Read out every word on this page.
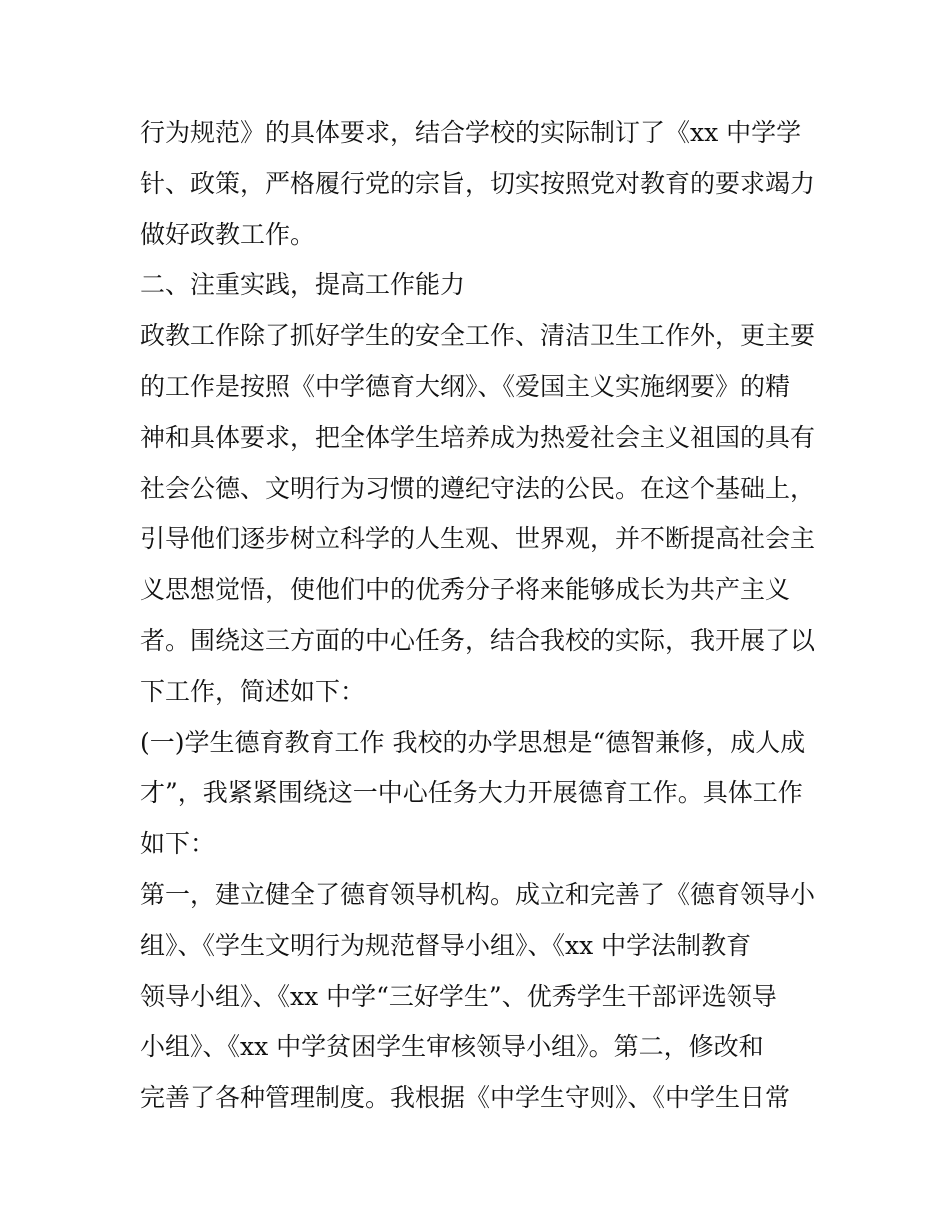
行为规范》的具体要求，结合学校的实际制订了《xx 中学学
针、政策，严格履行党的宗旨，切实按照党对教育的要求竭力
做好政教工作。
二、注重实践，提高工作能力
政教工作除了抓好学生的安全工作、清洁卫生工作外，更主要
的工作是按照《中学德育大纲》、《爱国主义实施纲要》的精
神和具体要求，把全体学生培养成为热爱社会主义祖国的具有
社会公德、文明行为习惯的遵纪守法的公民。在这个基础上，
引导他们逐步树立科学的人生观、世界观，并不断提高社会主
义思想觉悟，使他们中的优秀分子将来能够成长为共产主义
者。围绕这三方面的中心任务，结合我校的实际，我开展了以
下工作，简述如下：
(一)学生德育教育工作 我校的办学思想是“德智兼修，成人成
才”，我紧紧围绕这一中心任务大力开展德育工作。具体工作
如下：
第一，建立健全了德育领导机构。成立和完善了《德育领导小
组》、《学生文明行为规范督导小组》、《xx 中学法制教育
领导小组》、《xx 中学“三好学生”、优秀学生干部评选领导
小组》、《xx 中学贫困学生审核领导小组》。第二，修改和
完善了各种管理制度。我根据《中学生守则》、《中学生日常
